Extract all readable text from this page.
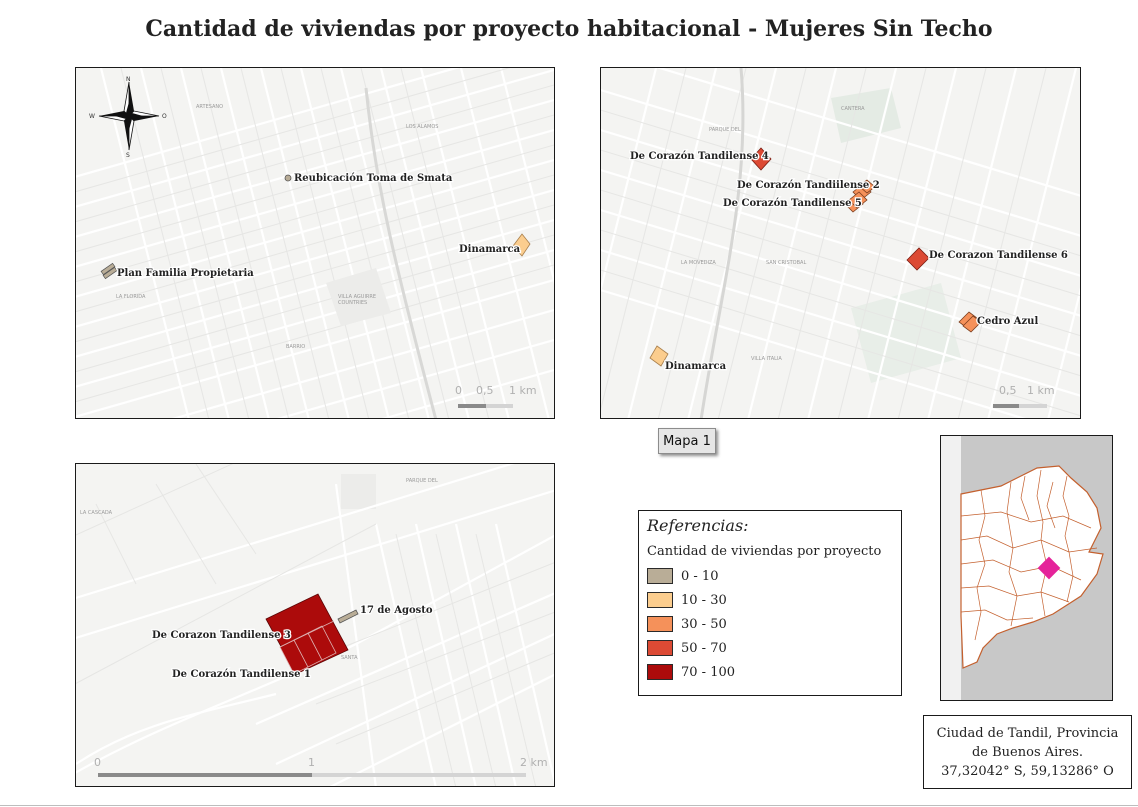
Cantidad de viviendas por proyecto habitacional - Mujeres Sin Techo
VILLA AGUIRRE
COUNTRIES
ARTESANO
LOS ALAMOS
BARRIO
LA FLORIDA
N
S
O
W
Reubicación Toma de Smata
Dinamarca
Plan Familia Propietaria
0 0,5 1 km
PARQUE DEL
SAN CRISTOBAL
LA MOVEDIZA
VILLA ITALIA
CANTERA
De Corazón Tandilense 4
De Corazón Tandiilense 2
De Corazón Tandilense 5
De Corazon Tandilense 6
Cedro Azul
Dinamarca
0,5 1 km
Mapa 1
PARQUE DEL
SANTA
LA CASCADA
De Corazon Tandilense 3
De Corazón Tandilense 1
17 de Agosto
0	1	2 km
Referencias:
Cantidad de viviendas por proyecto
0 - 10
10 - 30
30 - 50
50 - 70
70 - 100
Ciudad de Tandil, Provincia
de Buenos Aires.
37,32042° S, 59,13286° O
